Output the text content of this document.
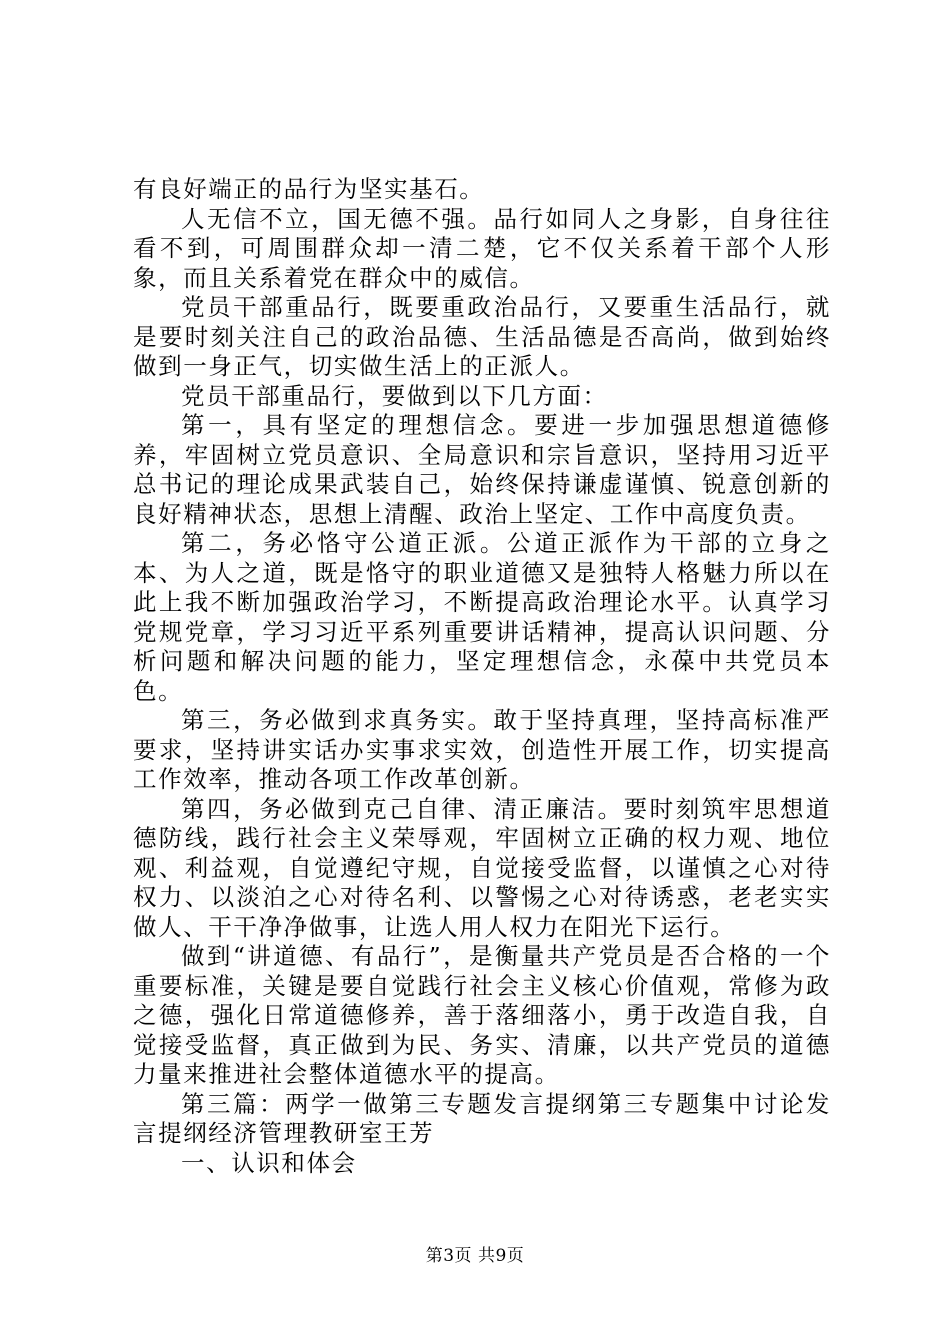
有良好端正的品行为坚实基石。

人无信不立，国无德不强。品行如同人之身影，自身往往看不到，可周围群众却一清二楚，它不仅关系着干部个人形象，而且关系着党在群众中的威信。

党员干部重品行，既要重政治品行，又要重生活品行，就是要时刻关注自己的政治品德、生活品德是否高尚，做到始终做到一身正气，切实做生活上的正派人。

党员干部重品行，要做到以下几方面：

第一，具有坚定的理想信念。要进一步加强思想道德修养，牢固树立党员意识、全局意识和宗旨意识，坚持用习近平总书记的理论成果武装自己，始终保持谦虚谨慎、锐意创新的良好精神状态，思想上清醒、政治上坚定、工作中高度负责。

第二，务必恪守公道正派。公道正派作为干部的立身之本、为人之道，既是恪守的职业道德又是独特人格魅力所以在此上我不断加强政治学习，不断提高政治理论水平。认真学习党规党章，学习习近平系列重要讲话精神，提高认识问题、分析问题和解决问题的能力，坚定理想信念，永葆中共党员本色。

第三，务必做到求真务实。敢于坚持真理，坚持高标准严要求，坚持讲实话办实事求实效，创造性开展工作，切实提高工作效率，推动各项工作改革创新。

第四，务必做到克己自律、清正廉洁。要时刻筑牢思想道德防线，践行社会主义荣辱观，牢固树立正确的权力观、地位观、利益观，自觉遵纪守规，自觉接受监督，以谨慎之心对待权力、以淡泊之心对待名利、以警惕之心对待诱惑，老老实实做人、干干净净做事，让选人用人权力在阳光下运行。

做到“讲道德、有品行”，是衡量共产党员是否合格的一个重要标准，关键是要自觉践行社会主义核心价值观，常修为政之德，强化日常道德修养，善于落细落小，勇于改造自我，自觉接受监督，真正做到为民、务实、清廉，以共产党员的道德力量来推进社会整体道德水平的提高。

第三篇：两学一做第三专题发言提纲第三专题集中讨论发言提纲经济管理教研室王芳

一、认识和体会

第3页 共9页
